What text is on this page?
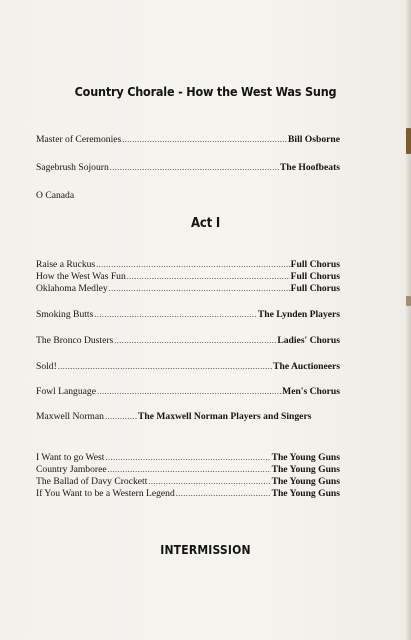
Country Chorale - How the West Was Sung
Master of Ceremonies .....	Bill Osborne
Sagebrush Sojourn .....	The Hoofbeats
O Canada
Act I
Raise a Ruckus .....	Full Chorus
How the West Was Fun .....	Full Chorus
Oklahoma Medley .....	Full Chorus
Smoking Butts .....	The Lynden Players
The Bronco Dusters .....	Ladies' Chorus
Sold! .....	The Auctioneers
Fowl Language .....	Men's Chorus
Maxwell Norman .....	The Maxwell Norman Players and Singers
I Want to go West .....	The Young Guns
Country Jamboree .....	The Young Guns
The Ballad of Davy Crockett .....	The Young Guns
If You Want to be a Western Legend .....	The Young Guns
INTERMISSION
